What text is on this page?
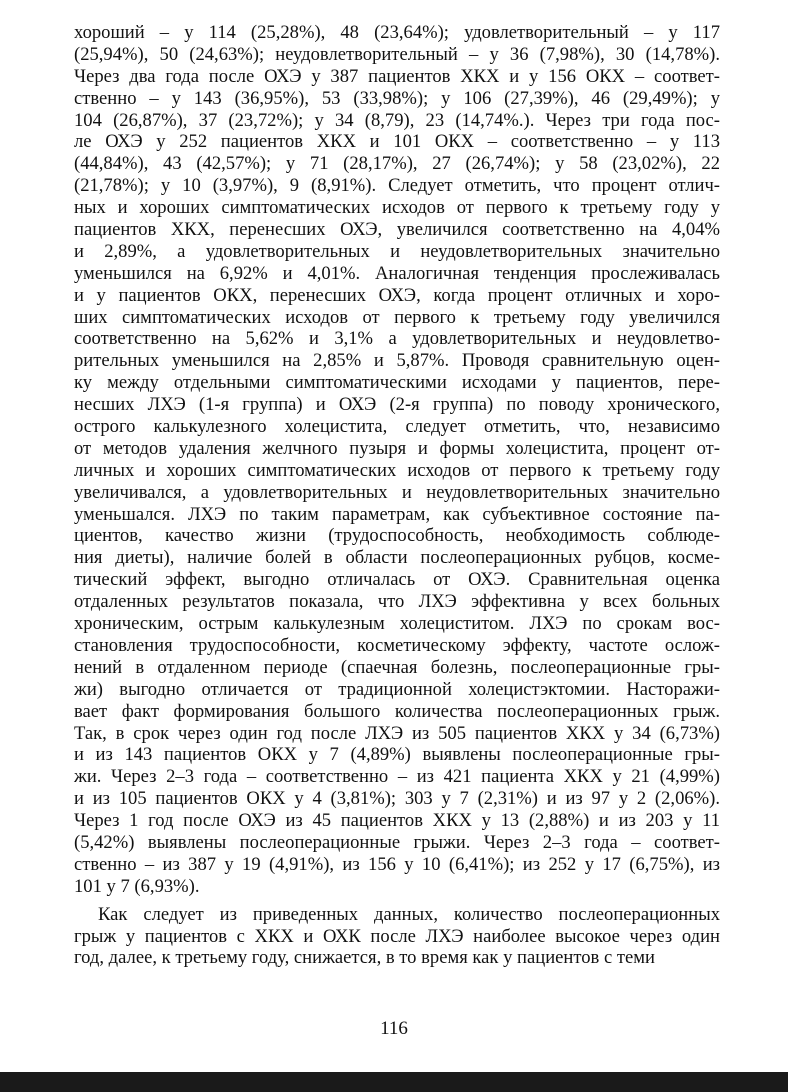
хороший – у 114 (25,28%), 48 (23,64%); удовлетворительный – у 117
(25,94%), 50 (24,63%); неудовлетворительный – у 36 (7,98%), 30 (14,78%).
Через два года после ОХЭ у 387 пациентов ХКХ и у 156 ОКХ – соответ-
ственно – у 143 (36,95%), 53 (33,98%); у 106 (27,39%), 46 (29,49%); у
104 (26,87%), 37 (23,72%); у 34 (8,79), 23 (14,74%.). Через три года пос-
ле ОХЭ у 252 пациентов ХКХ и 101 ОКХ – соответственно – у 113
(44,84%), 43 (42,57%); у 71 (28,17%), 27 (26,74%); у 58 (23,02%), 22
(21,78%); у 10 (3,97%), 9 (8,91%). Следует отметить, что процент отлич-
ных и хороших симптоматических исходов от первого к третьему году у
пациентов ХКХ, перенесших ОХЭ, увеличился соответственно на 4,04%
и 2,89%, а удовлетворительных и неудовлетворительных значительно
уменьшился на 6,92% и 4,01%. Аналогичная тенденция прослеживалась
и у пациентов ОКХ, перенесших ОХЭ, когда процент отличных и хоро-
ших симптоматических исходов от первого к третьему году увеличился
соответственно на 5,62% и 3,1% а удовлетворительных и неудовлетво-
рительных уменьшился на 2,85% и 5,87%. Проводя сравнительную оцен-
ку между отдельными симптоматическими исходами у пациентов, пере-
несших ЛХЭ (1-я группа) и ОХЭ (2-я группа) по поводу хронического,
острого калькулезного холецистита, следует отметить, что, независимо
от методов удаления желчного пузыря и формы холецистита, процент от-
личных и хороших симптоматических исходов от первого к третьему году
увеличивался, а удовлетворительных и неудовлетворительных значительно
уменьшался. ЛХЭ по таким параметрам, как субъективное состояние па-
циентов, качество жизни (трудоспособность, необходимость соблюде-
ния диеты), наличие болей в области послеоперационных рубцов, косме-
тический эффект, выгодно отличалась от ОХЭ. Сравнительная оценка
отдаленных результатов показала, что ЛХЭ эффективна у всех больных
хроническим, острым калькулезным холециститом. ЛХЭ по срокам вос-
становления трудоспособности, косметическому эффекту, частоте ослож-
нений в отдаленном периоде (спаечная болезнь, послеоперационные гры-
жи) выгодно отличается от традиционной холецистэктомии. Насторажи-
вает факт формирования большого количества послеоперационных грыж.
Так, в срок через один год после ЛХЭ из 505 пациентов ХКХ у 34 (6,73%)
и из 143 пациентов ОКХ у 7 (4,89%) выявлены послеоперационные гры-
жи. Через 2–3 года – соответственно – из 421 пациента ХКХ у 21 (4,99%)
и из 105 пациентов ОКХ у 4 (3,81%); 303 у 7 (2,31%) и из 97 у 2 (2,06%).
Через 1 год после ОХЭ из 45 пациентов ХКХ у 13 (2,88%) и из 203 у 11
(5,42%) выявлены послеоперационные грыжи. Через 2–3 года – соответ-
ственно – из 387 у 19 (4,91%), из 156 у 10 (6,41%); из 252 у 17 (6,75%), из
101 у 7 (6,93%).
Как следует из приведенных данных, количество послеоперационных
грыж у пациентов с ХКХ и ОХК после ЛХЭ наиболее высокое через один
год, далее, к третьему году, снижается, в то время как у пациентов с теми
116
